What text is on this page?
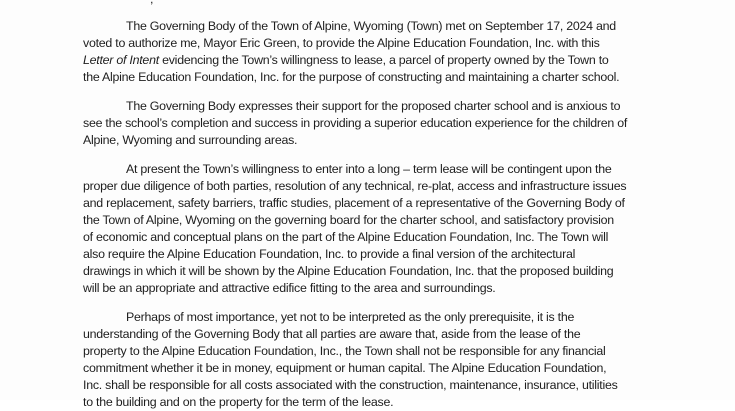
The Governing Body of the Town of Alpine, Wyoming (Town) met on September 17, 2024 and
voted to authorize me, Mayor Eric Green, to provide the Alpine Education Foundation, Inc. with this
Letter of Intent evidencing the Town’s willingness to lease, a parcel of property owned by the Town to
the Alpine Education Foundation, Inc. for the purpose of constructing and maintaining a charter school.
The Governing Body expresses their support for the proposed charter school and is anxious to
see the school’s completion and success in providing a superior education experience for the children of
Alpine, Wyoming and surrounding areas.
At present the Town’s willingness to enter into a long – term lease will be contingent upon the
proper due diligence of both parties, resolution of any technical, re-plat, access and infrastructure issues
and replacement, safety barriers, traffic studies, placement of a representative of the Governing Body of
the Town of Alpine, Wyoming on the governing board for the charter school, and satisfactory provision
of economic and conceptual plans on the part of the Alpine Education Foundation, Inc. The Town will
also require the Alpine Education Foundation, Inc. to provide a final version of the architectural
drawings in which it will be shown by the Alpine Education Foundation, Inc. that the proposed building
will be an appropriate and attractive edifice fitting to the area and surroundings.
Perhaps of most importance, yet not to be interpreted as the only prerequisite, it is the
understanding of the Governing Body that all parties are aware that, aside from the lease of the
property to the Alpine Education Foundation, Inc., the Town shall not be responsible for any financial
commitment whether it be in money, equipment or human capital. The Alpine Education Foundation,
Inc. shall be responsible for all costs associated with the construction, maintenance, insurance, utilities
to the building and on the property for the term of the lease.
